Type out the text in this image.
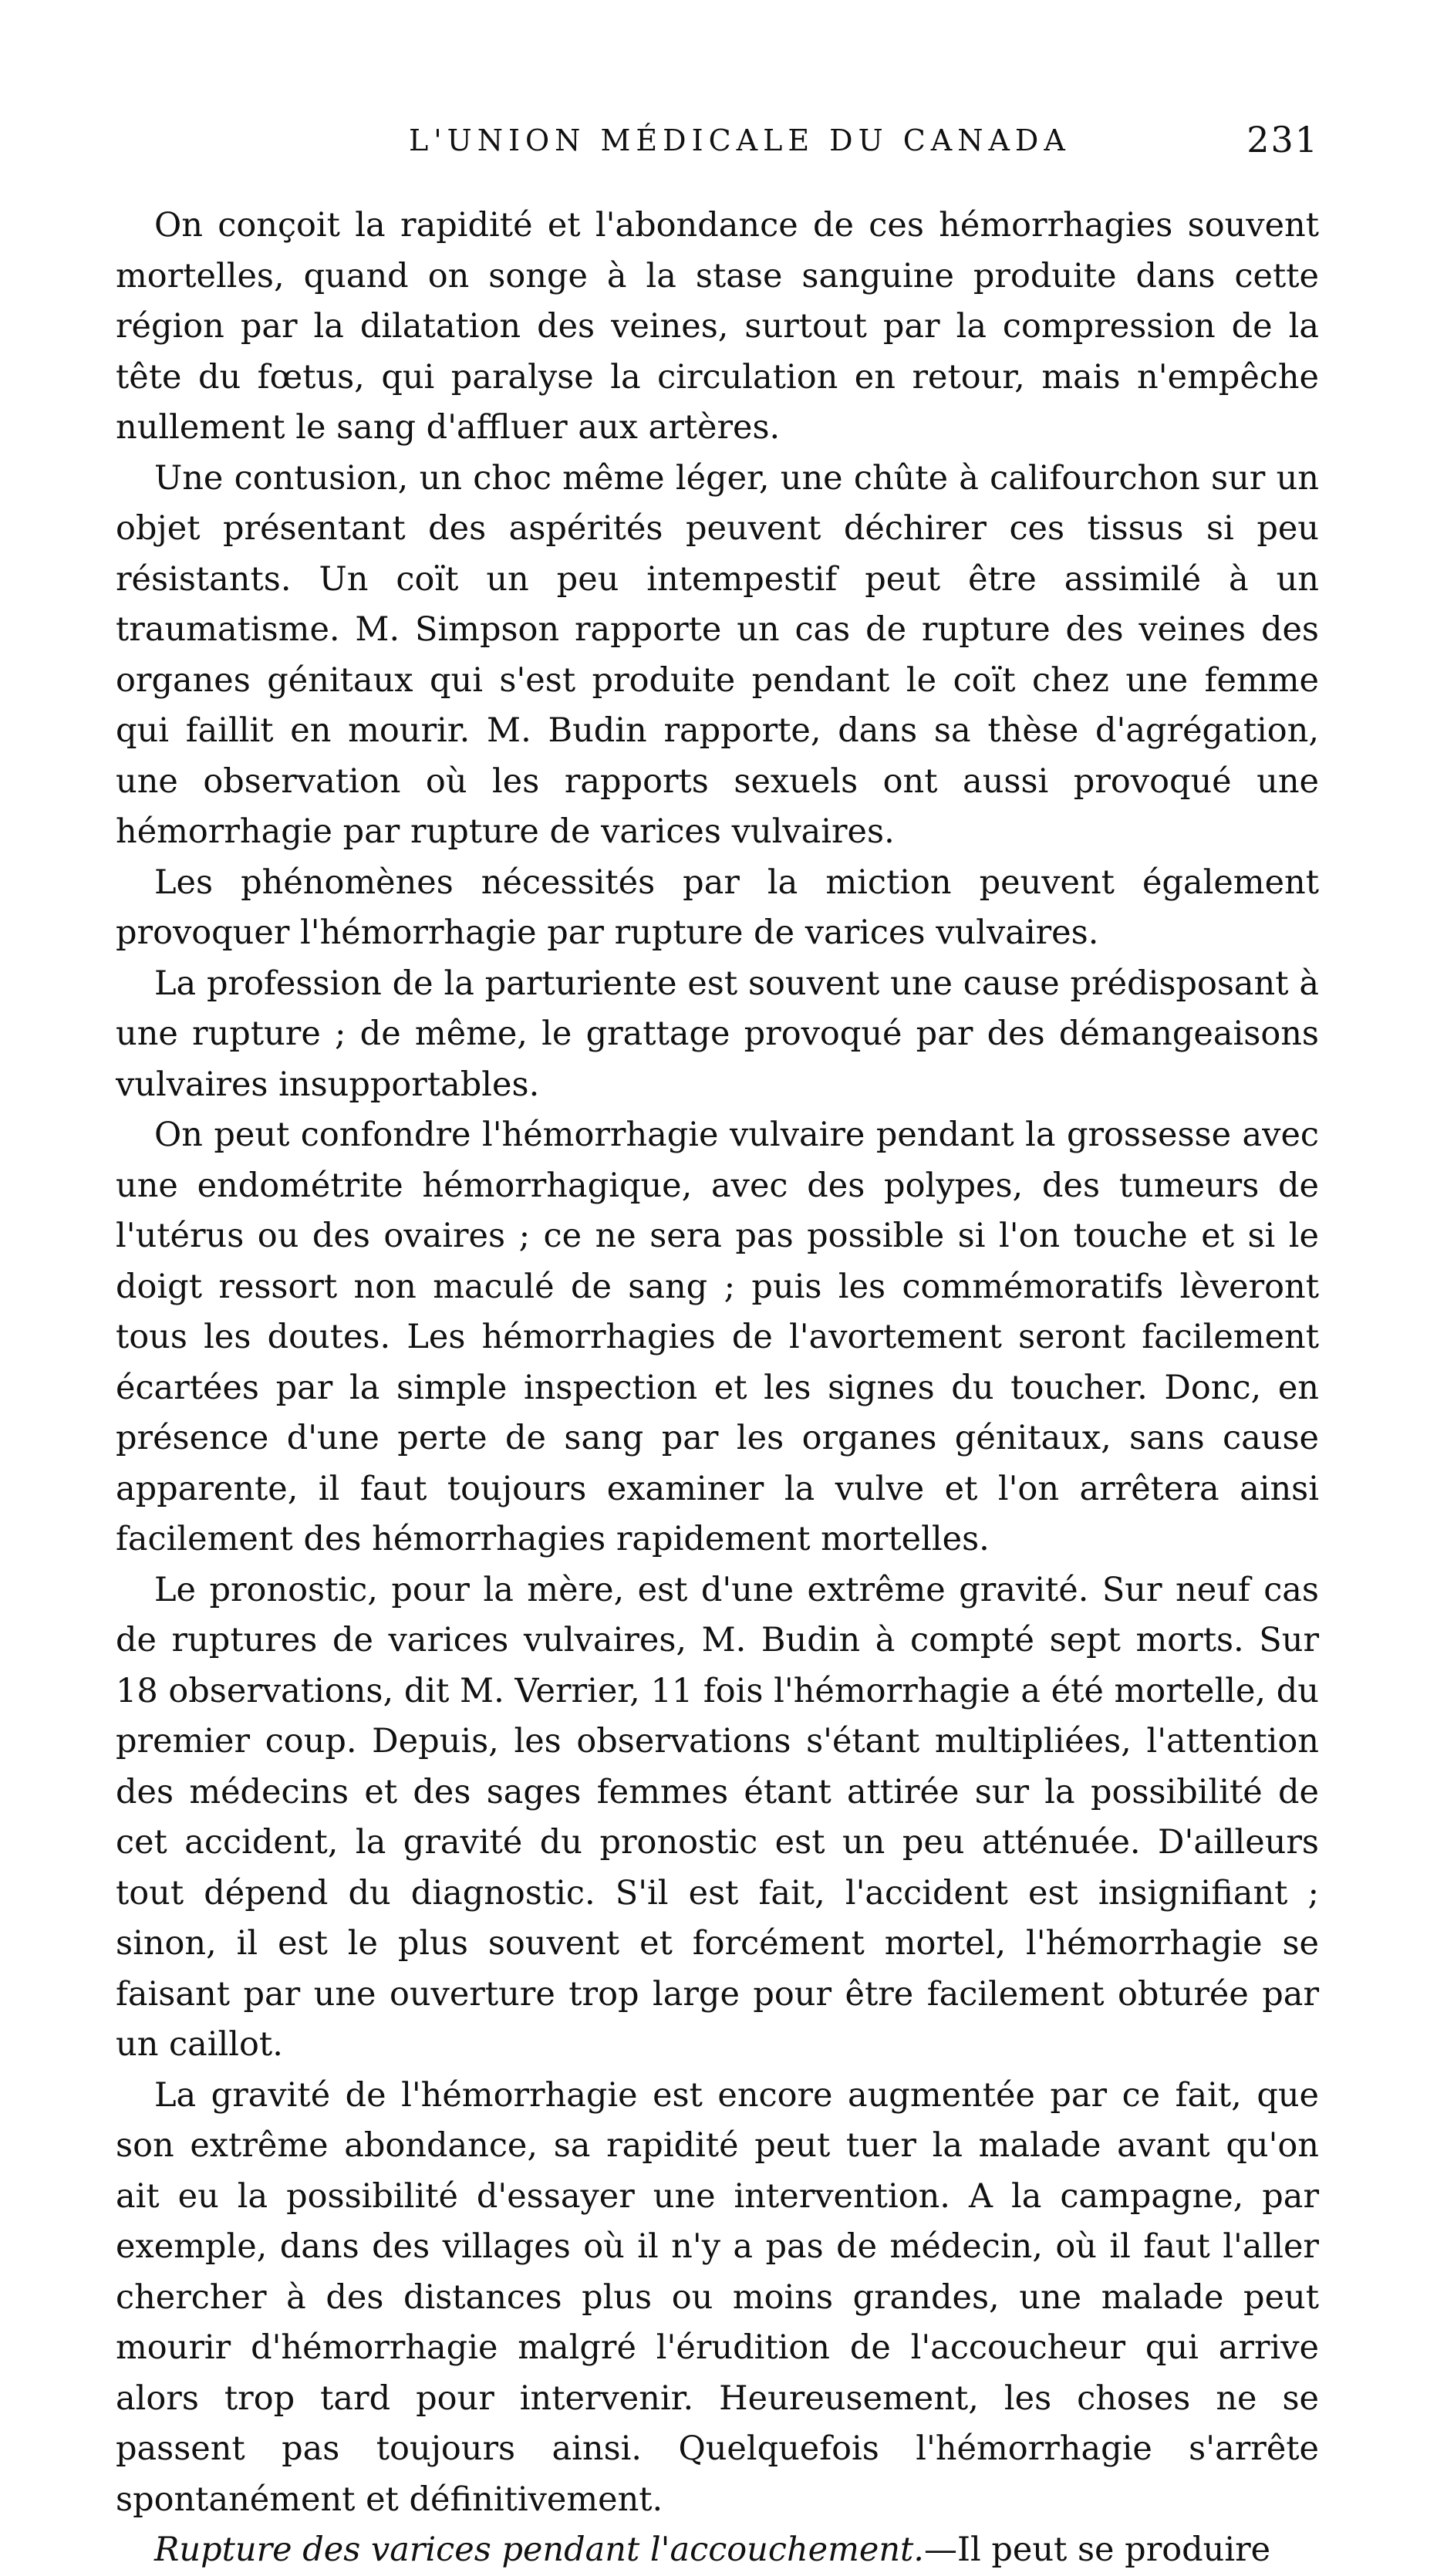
L'UNION MÉDICALE DU CANADA	231

On conçoit la rapidité et l'abondance de ces hémorrhagies souvent mortelles, quand on songe à la stase sanguine produite dans cette région par la dilatation des veines, surtout par la compression de la tête du fœtus, qui paralyse la circulation en retour, mais n'empêche nullement le sang d'affluer aux artères.

Une contusion, un choc même léger, une chûte à califourchon sur un objet présentant des aspérités peuvent déchirer ces tissus si peu résistants. Un coït un peu intempestif peut être assimilé à un traumatisme. M. Simpson rapporte un cas de rupture des veines des organes génitaux qui s'est produite pendant le coït chez une femme qui faillit en mourir. M. Budin rapporte, dans sa thèse d'agrégation, une observation où les rapports sexuels ont aussi provoqué une hémorrhagie par rupture de varices vulvaires.

Les phénomènes nécessités par la miction peuvent également provoquer l'hémorrhagie par rupture de varices vulvaires.

La profession de la parturiente est souvent une cause prédisposant à une rupture ; de même, le grattage provoqué par des démangeaisons vulvaires insupportables.

On peut confondre l'hémorrhagie vulvaire pendant la grossesse avec une endométrite hémorrhagique, avec des polypes, des tumeurs de l'utérus ou des ovaires ; ce ne sera pas possible si l'on touche et si le doigt ressort non maculé de sang ; puis les commémoratifs lèveront tous les doutes. Les hémorrhagies de l'avortement seront facilement écartées par la simple inspection et les signes du toucher. Donc, en présence d'une perte de sang par les organes génitaux, sans cause apparente, il faut toujours examiner la vulve et l'on arrêtera ainsi facilement des hémorrhagies rapidement mortelles.

Le pronostic, pour la mère, est d'une extrême gravité. Sur neuf cas de ruptures de varices vulvaires, M. Budin à compté sept morts. Sur 18 observations, dit M. Verrier, 11 fois l'hémorrhagie a été mortelle, du premier coup. Depuis, les observations s'étant multipliées, l'attention des médecins et des sages femmes étant attirée sur la possibilité de cet accident, la gravité du pronostic est un peu atténuée. D'ailleurs tout dépend du diagnostic. S'il est fait, l'accident est insignifiant ; sinon, il est le plus souvent et forcément mortel, l'hémorrhagie se faisant par une ouverture trop large pour être facilement obturée par un caillot.

La gravité de l'hémorrhagie est encore augmentée par ce fait, que son extrême abondance, sa rapidité peut tuer la malade avant qu'on ait eu la possibilité d'essayer une intervention. A la campagne, par exemple, dans des villages où il n'y a pas de médecin, où il faut l'aller chercher à des distances plus ou moins grandes, une malade peut mourir d'hémorrhagie malgré l'érudition de l'accoucheur qui arrive alors trop tard pour intervenir. Heureusement, les choses ne se passent pas toujours ainsi. Quelquefois l'hémorrhagie s'arrête spontanément et définitivement.

Rupture des varices pendant l'accouchement.—Il peut se produire
